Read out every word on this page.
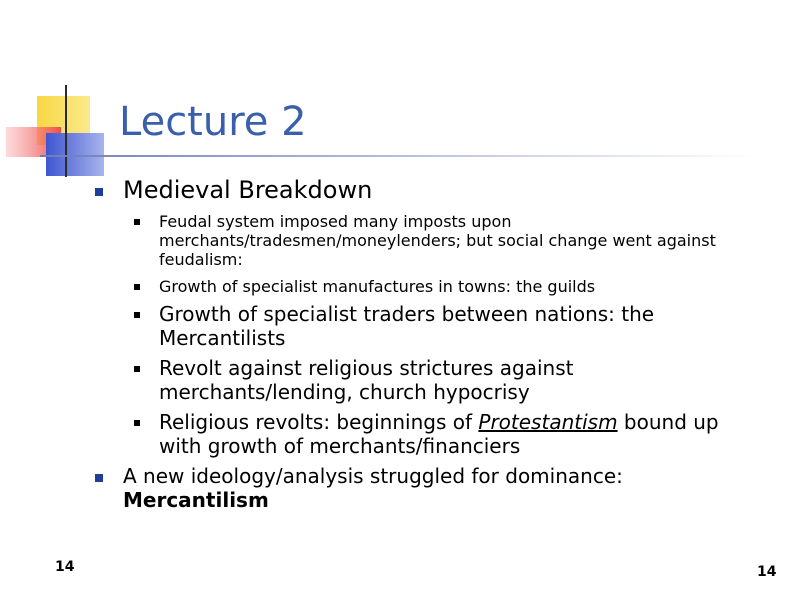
Lecture 2
Medieval Breakdown
Feudal system imposed many imposts upon merchants/tradesmen/moneylenders; but social change went against feudalism:
Growth of specialist manufactures in towns: the guilds
Growth of specialist traders between nations: the Mercantilists
Revolt against religious strictures against merchants/lending, church hypocrisy
Religious revolts: beginnings of Protestantism bound up with growth of merchants/financiers
A new ideology/analysis struggled for dominance:
Mercantilism
14	14
